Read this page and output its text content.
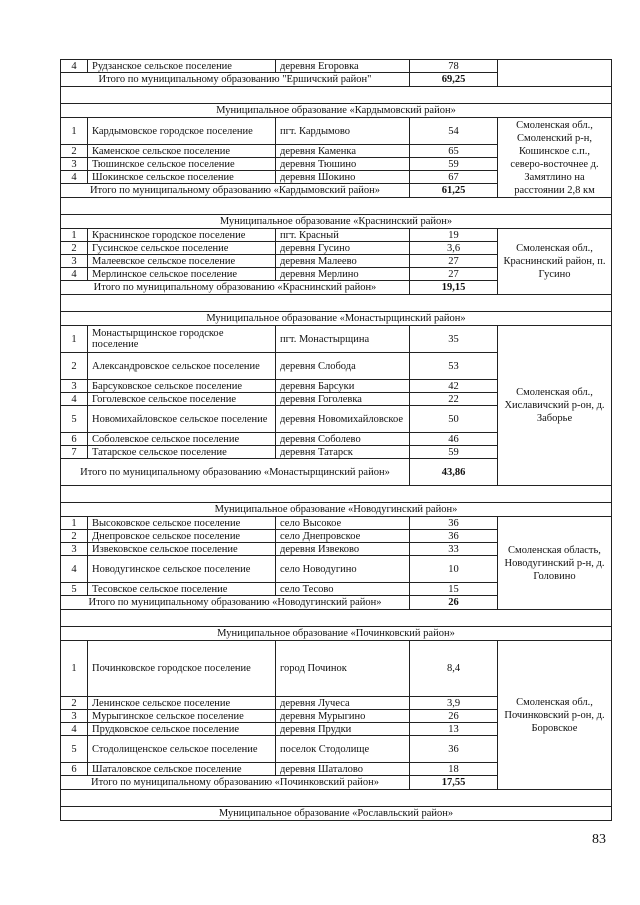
4	Рудзанское сельское поселение	деревня Егоровка	78	
Итого по муниципальному образованию "Ершичский район"			69,25	

Муниципальное образование «Кардымовский район»				
1	Кардымовское городское поселение	пгт. Кардымово	54	Смоленская обл., Смоленский р-н, Кошинское с.п., северо-восточнее д. Замятлино на расстоянии 2,8 км
2	Каменское сельское поселение	деревня Каменка	65	
3	Тюшинское сельское поселение	деревня Тюшино	59	
4	Шокинское сельское поселение	деревня Шокино	67	
Итого по муниципальному образованию «Кардымовский район»			61,25	

Муниципальное образование «Краснинский район»				
1	Краснинское городское поселение	пгт. Красный	19	Смоленская обл., Краснинский район, п. Гусино
2	Гусинское сельское поселение	деревня Гусино	3,6	
3	Малеевское сельское поселение	деревня Малеево	27	
4	Мерлинское сельское поселение	деревня Мерлино	27	
Итого по муниципальному образованию «Краснинский район»			19,15	

Муниципальное образование «Монастырщинский район»				
1	Монастырщинское городское поселение	пгт. Монастырщина	35	Смоленская обл., Хиславичский р-он, д. Заборье
2	Александровское сельское поселение	деревня Слобода	53	
3	Барсуковское сельское поселение	деревня Барсуки	42	
4	Гоголевское сельское поселение	деревня Гоголевка	22	
5	Новомихайловское сельское поселение	деревня Новомихайловское	50	
6	Соболевское сельское поселение	деревня Соболево	46	
7	Татарское сельское поселение	деревня Татарск	59	
Итого по муниципальному образованию «Монастырщинский район»			43,86	

Муниципальное образование «Новодугинский район»				
1	Высоковское сельское поселение	село Высокое	36	Смоленская область, Новодугинский р-н, д. Головино
2	Днепровское сельское поселение	село Днепровское	36	
3	Извековское сельское поселение	деревня Извеково	33	
4	Новодугинское сельское поселение	село Новодугино	10	
5	Тесовское сельское поселение	село Тесово	15	
Итого по муниципальному образованию «Новодугинский район»			26	

Муниципальное образование «Починковский район»				
1	Починковское городское поселение	город Починок	8,4	Смоленская обл., Починковский р-он, д. Боровское
2	Ленинское сельское поселение	деревня Лучеса	3,9	
3	Мурыгинское сельское поселение	деревня Мурыгино	26	
4	Прудковское сельское поселение	деревня Прудки	13	
5	Стодолищенское сельское поселение	поселок Стодолище	36	
6	Шаталовское сельское поселение	деревня Шаталово	18	
Итого по муниципальному образованию «Починковский район»			17,55	

Муниципальное образование «Рославльский район»				
83
